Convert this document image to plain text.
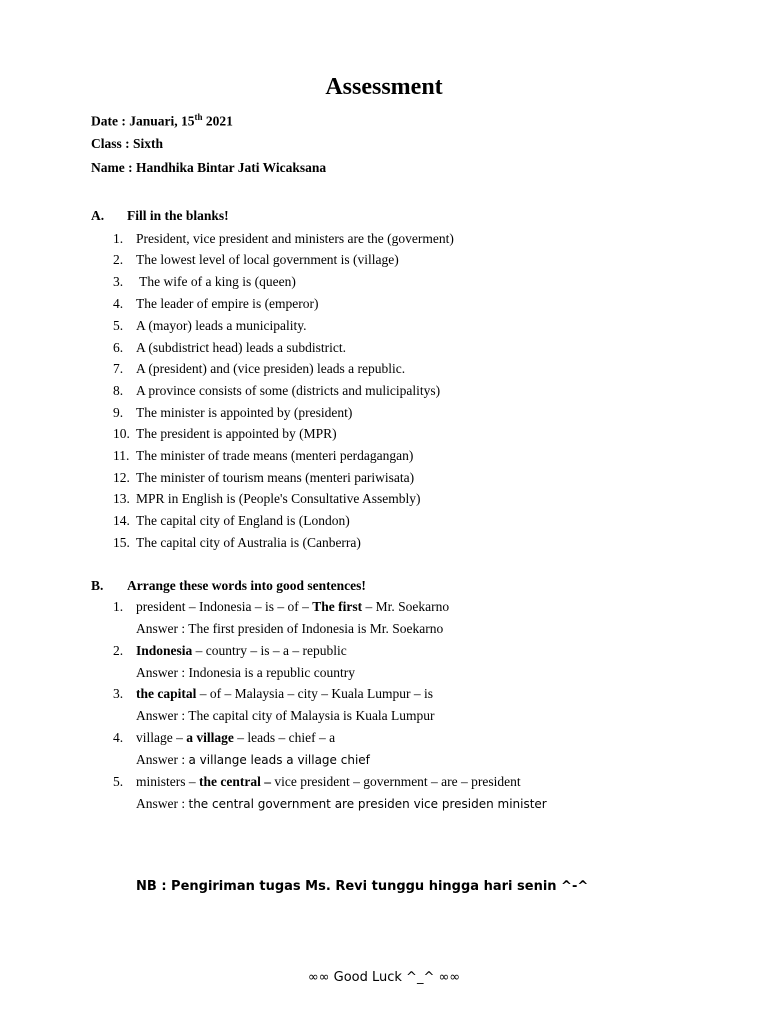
Assessment
Date : Januari, 15th 2021
Class : Sixth
Name : Handhika Bintar Jati Wicaksana
A. Fill in the blanks!
1. President, vice president and ministers are the (goverment)
2. The lowest level of local government is (village)
3. The wife of a king is (queen)
4. The leader of empire is (emperor)
5. A (mayor) leads a municipality.
6. A (subdistrict head) leads a subdistrict.
7. A (president) and (vice presiden) leads a republic.
8. A province consists of some (districts and mulicipalitys)
9. The minister is appointed by (president)
10. The president is appointed by (MPR)
11. The minister of trade means (menteri perdagangan)
12. The minister of tourism means (menteri pariwisata)
13. MPR in English is (People's Consultative Assembly)
14. The capital city of England is (London)
15. The capital city of Australia is (Canberra)
B. Arrange these words into good sentences!
1. president – Indonesia – is – of – The first – Mr. Soekarno
Answer : The first presiden of Indonesia is Mr. Soekarno
2. Indonesia – country – is – a – republic
Answer : Indonesia is a republic country
3. the capital – of – Malaysia – city – Kuala Lumpur – is
Answer : The capital city of Malaysia is Kuala Lumpur
4. village – a village – leads – chief – a
Answer : a villange leads a village chief
5. ministers – the central – vice president – government – are – president
Answer : the central government are presiden vice presiden minister
NB : Pengiriman tugas Ms. Revi tunggu hingga hari senin ^-^
∞∞ Good Luck ^_^ ∞∞
